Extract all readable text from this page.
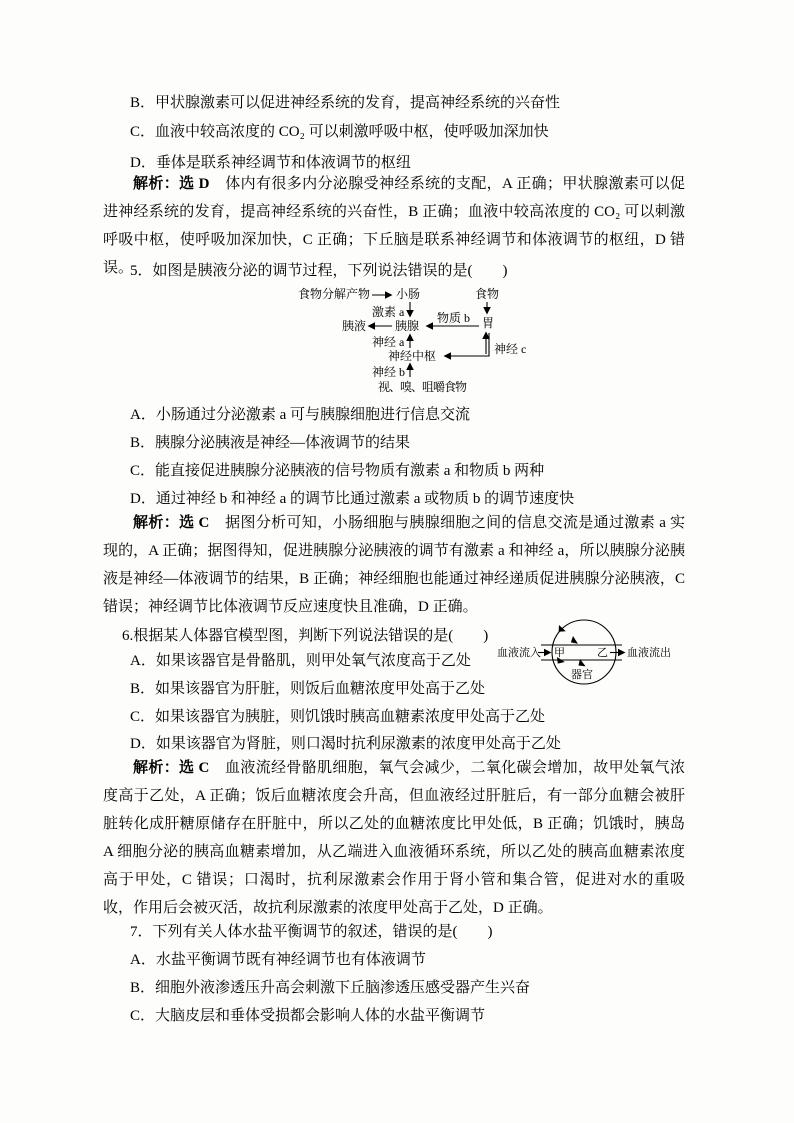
B．甲状腺激素可以促进神经系统的发育，提高神经系统的兴奋性
C．血液中较高浓度的 CO₂ 可以刺激呼吸中枢，使呼吸加深加快
D．垂体是联系神经调节和体液调节的枢纽

解析：选 D　体内有很多内分泌腺受神经系统的支配，A 正确；甲状腺激素可以促进神经系统的发育，提高神经系统的兴奋性，B 正确；血液中较高浓度的 CO₂ 可以刺激呼吸中枢，使呼吸加深加快，C 正确；下丘脑是联系神经调节和体液调节的枢纽，D 错误。

5．如图是胰液分泌的调节过程，下列说法错误的是(　　)
食物分解产物 小肠	食物
激素 a	物质 b
胰液 胰腺	胃
神经 a	神经 c
神经中枢
神经 b
视、嗅、咀嚼食物
A．小肠通过分泌激素 a 可与胰腺细胞进行信息交流
B．胰腺分泌胰液是神经—体液调节的结果
C．能直接促进胰腺分泌胰液的信号物质有激素 a 和物质 b 两种
D．通过神经 b 和神经 a 的调节比通过激素 a 或物质 b 的调节速度快

解析：选 C　据图分析可知，小肠细胞与胰腺细胞之间的信息交流是通过激素 a 实现的，A 正确；据图得知，促进胰腺分泌胰液的调节有激素 a 和神经 a，所以胰腺分泌胰液是神经—体液调节的结果，B 正确；神经细胞也能通过神经递质促进胰腺分泌胰液，C 错误；神经调节比体液调节反应速度快且准确，D 正确。

6.根据某人体器官模型图，判断下列说法错误的是(　　)
血液流入 甲	乙 血液流出
器官
A．如果该器官是骨骼肌，则甲处氧气浓度高于乙处
B．如果该器官为肝脏，则饭后血糖浓度甲处高于乙处
C．如果该器官为胰脏，则饥饿时胰高血糖素浓度甲处高于乙处
D．如果该器官为肾脏，则口渴时抗利尿激素的浓度甲处高于乙处

解析：选 C　血液流经骨骼肌细胞，氧气会减少，二氧化碳会增加，故甲处氧气浓度高于乙处，A 正确；饭后血糖浓度会升高，但血液经过肝脏后，有一部分血糖会被肝脏转化成肝糖原储存在肝脏中，所以乙处的血糖浓度比甲处低，B 正确；饥饿时，胰岛 A 细胞分泌的胰高血糖素增加，从乙端进入血液循环系统，所以乙处的胰高血糖素浓度高于甲处，C 错误；口渴时，抗利尿激素会作用于肾小管和集合管，促进对水的重吸收，作用后会被灭活，故抗利尿激素的浓度甲处高于乙处，D 正确。

7．下列有关人体水盐平衡调节的叙述，错误的是(　　)
A．水盐平衡调节既有神经调节也有体液调节
B．细胞外液渗透压升高会刺激下丘脑渗透压感受器产生兴奋
C．大脑皮层和垂体受损都会影响人体的水盐平衡调节
